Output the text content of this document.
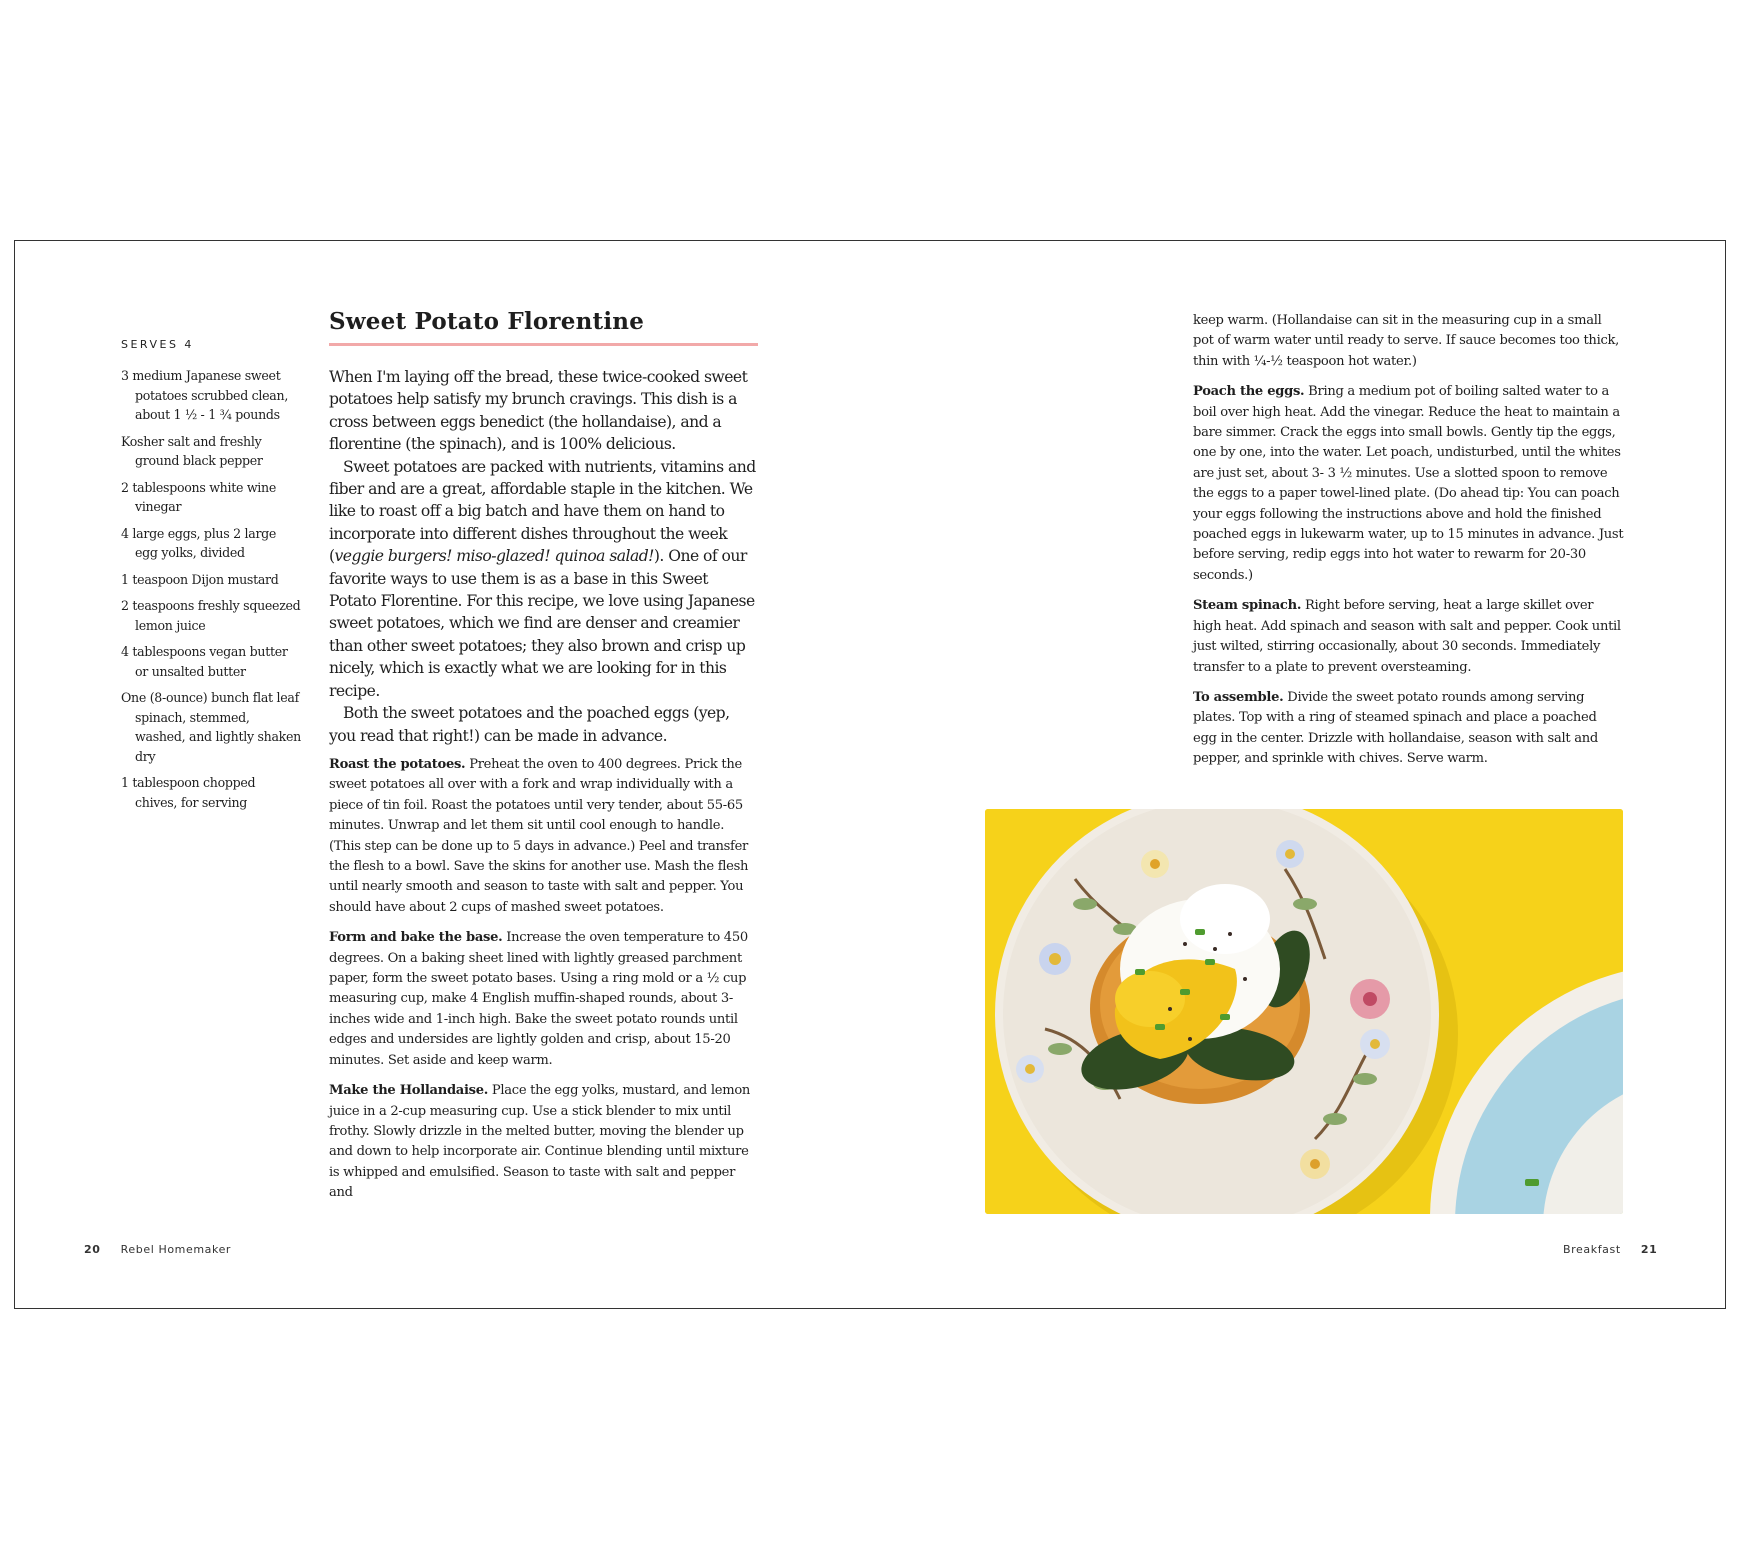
SERVES 4
3 medium Japanese sweet potatoes scrubbed clean, about 1 ½ - 1 ¾ pounds
Kosher salt and freshly ground black pepper
2 tablespoons white wine vinegar
4 large eggs, plus 2 large egg yolks, divided
1 teaspoon Dijon mustard
2 teaspoons freshly squeezed lemon juice
4 tablespoons vegan butter or unsalted butter
One (8-ounce) bunch flat leaf spinach, stemmed, washed, and lightly shaken dry
1 tablespoon chopped chives, for serving
Sweet Potato Florentine

When I'm laying off the bread, these twice-cooked sweet potatoes help satisfy my brunch cravings. This dish is a cross between eggs benedict (the hollandaise), and a florentine (the spinach), and is 100% delicious.

Sweet potatoes are packed with nutrients, vitamins and fiber and are a great, affordable staple in the kitchen. We like to roast off a big batch and have them on hand to incorporate into different dishes throughout the week (veggie burgers! miso-glazed! quinoa salad!). One of our favorite ways to use them is as a base in this Sweet Potato Florentine. For this recipe, we love using Japanese sweet potatoes, which we find are denser and creamier than other sweet potatoes; they also brown and crisp up nicely, which is exactly what we are looking for in this recipe.

Both the sweet potatoes and the poached eggs (yep, you read that right!) can be made in advance.

Roast the potatoes. Preheat the oven to 400 degrees. Prick the sweet potatoes all over with a fork and wrap individually with a piece of tin foil. Roast the potatoes until very tender, about 55-65 minutes. Unwrap and let them sit until cool enough to handle. (This step can be done up to 5 days in advance.) Peel and transfer the flesh to a bowl. Save the skins for another use. Mash the flesh until nearly smooth and season to taste with salt and pepper. You should have about 2 cups of mashed sweet potatoes.

Form and bake the base. Increase the oven temperature to 450 degrees. On a baking sheet lined with lightly greased parchment paper, form the sweet potato bases. Using a ring mold or a ½ cup measuring cup, make 4 English muffin-shaped rounds, about 3-inches wide and 1-inch high. Bake the sweet potato rounds until edges and undersides are lightly golden and crisp, about 15-20 minutes. Set aside and keep warm.

Make the Hollandaise. Place the egg yolks, mustard, and lemon juice in a 2-cup measuring cup. Use a stick blender to mix until frothy. Slowly drizzle in the melted butter, moving the blender up and down to help incorporate air. Continue blending until mixture is whipped and emulsified. Season to taste with salt and pepper and

20 Rebel Homemaker

keep warm. (Hollandaise can sit in the measuring cup in a small pot of warm water until ready to serve. If sauce becomes too thick, thin with ¼-½ teaspoon hot water.)

Poach the eggs. Bring a medium pot of boiling salted water to a boil over high heat. Add the vinegar. Reduce the heat to maintain a bare simmer. Crack the eggs into small bowls. Gently tip the eggs, one by one, into the water. Let poach, undisturbed, until the whites are just set, about 3- 3 ½ minutes. Use a slotted spoon to remove the eggs to a paper towel-lined plate. (Do ahead tip: You can poach your eggs following the instructions above and hold the finished poached eggs in lukewarm water, up to 15 minutes in advance. Just before serving, redip eggs into hot water to rewarm for 20-30 seconds.)

Steam spinach. Right before serving, heat a large skillet over high heat. Add spinach and season with salt and pepper. Cook until just wilted, stirring occasionally, about 30 seconds. Immediately transfer to a plate to prevent oversteaming.

To assemble. Divide the sweet potato rounds among serving plates. Top with a ring of steamed spinach and place a poached egg in the center. Drizzle with hollandaise, season with salt and pepper, and sprinkle with chives. Serve warm.

Breakfast 21
